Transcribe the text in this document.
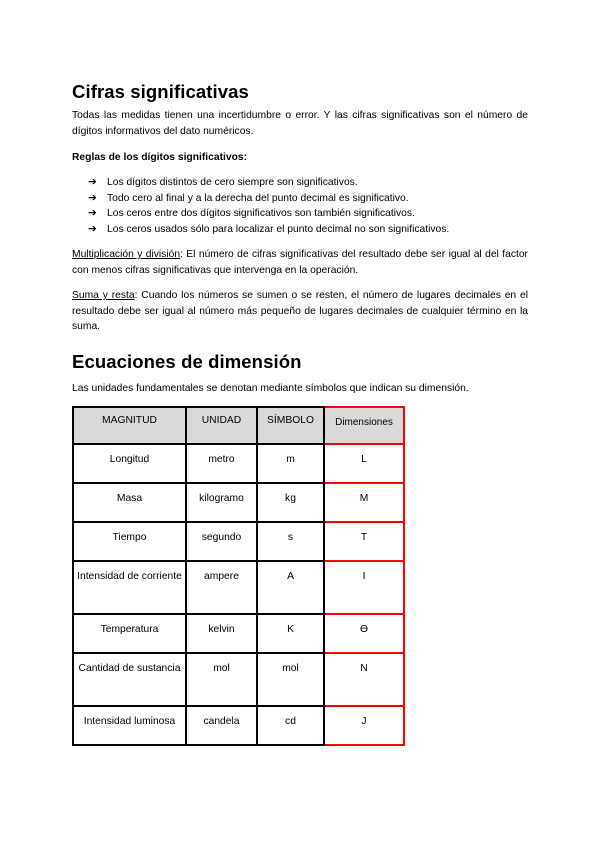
Cifras significativas

Todas las medidas tienen una incertidumbre o error. Y las cifras significativas son el número de dígitos informativos del dato numéricos.

Reglas de los dígitos significativos:

➔ Los dígitos distintos de cero siempre son significativos.
➔ Todo cero al final y a la derecha del punto decimal es significativo.
➔ Los ceros entre dos dígitos significativos son también significativos.
➔ Los ceros usados sólo para localizar el punto decimal no son significativos.

Multiplicación y división: El número de cifras significativas del resultado debe ser igual al del factor con menos cifras significativas que intervenga en la operación.

Suma y resta: Cuando los números se sumen o se resten, el número de lugares decimales en el resultado debe ser igual al número más pequeño de lugares decimales de cualquier término en la suma.

Ecuaciones de dimensión

Las unidades fundamentales se denotan mediante símbolos que indican su dimensión.

MAGNITUD	UNIDAD	SÍMBOLO	Dimensiones
Longitud	metro	m	L
Masa	kilogramo	kg	M
Tiempo	segundo	s	T
Intensidad de corriente	ampere	A	I
Temperatura	kelvin	K	ϴ
Cantidad de sustancia	mol	mol	N
Intensidad luminosa	candela	cd	J
